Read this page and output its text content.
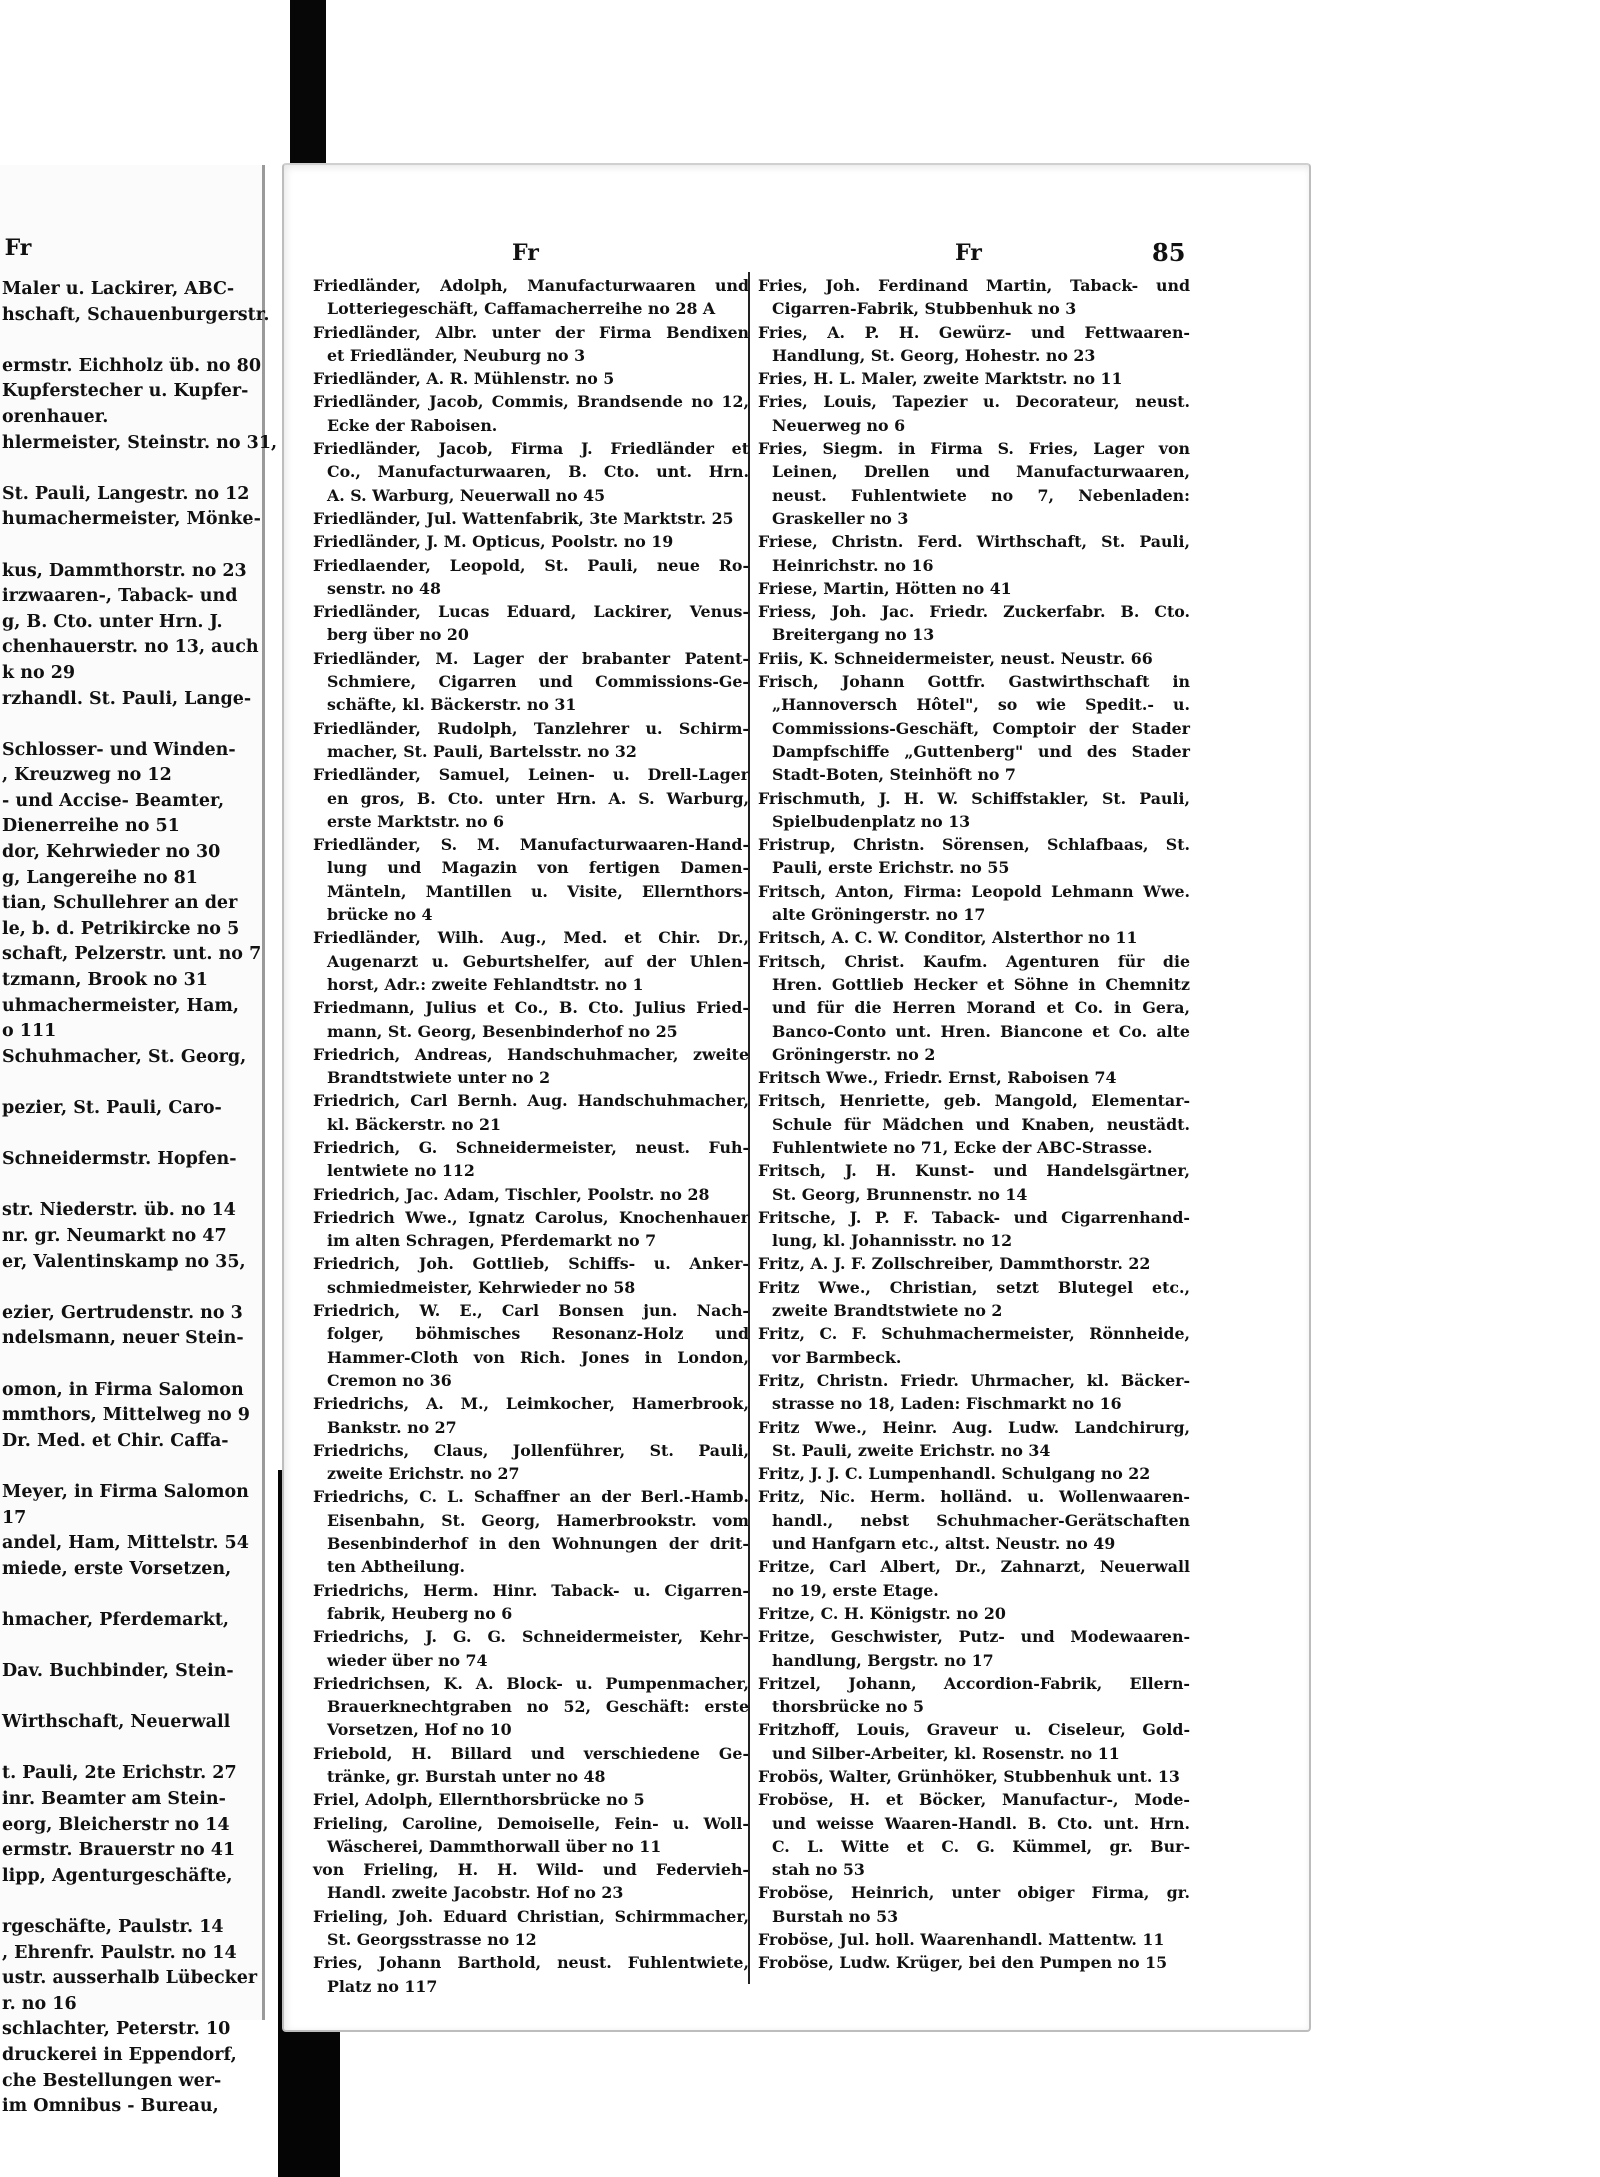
Fr
Maler u. Lackirer, ABC-
hschaft, Schauenburgerstr.
ermstr. Eichholz üb. no 80
Kupferstecher u. Kupfer-
orenhauer.
hlermeister, Steinstr. no 31,
St. Pauli, Langestr. no 12
humachermeister, Mönke-
kus, Dammthorstr. no 23
irzwaaren-, Taback- und
g, B. Cto. unter Hrn. J.
chenhauerstr. no 13, auch
k no 29
rzhandl. St. Pauli, Lange-
Schlosser- und Winden-
, Kreuzweg no 12
- und Accise- Beamter,
Dienerreihe no 51
dor, Kehrwieder no 30
g, Langereihe no 81
tian, Schullehrer an der
le, b. d. Petrikircke no 5
schaft, Pelzerstr. unt. no 7
tzmann, Brook no 31
uhmachermeister, Ham,
o 111
Schuhmacher, St. Georg,
pezier, St. Pauli, Caro-
Schneidermstr. Hopfen-
str. Niederstr. üb. no 14
nr. gr. Neumarkt no 47
er, Valentinskamp no 35,
ezier, Gertrudenstr. no 3
ndelsmann, neuer Stein-
omon, in Firma Salomon
mmthors, Mittelweg no 9
Dr. Med. et Chir. Caffa-
Meyer, in Firma Salomon
17
andel, Ham, Mittelstr. 54
miede, erste Vorsetzen,
hmacher, Pferdemarkt,
Dav. Buchbinder, Stein-
Wirthschaft, Neuerwall
t. Pauli, 2te Erichstr. 27
inr. Beamter am Stein-
eorg, Bleicherstr no 14
ermstr. Brauerstr no 41
lipp, Agenturgeschäfte,
rgeschäfte, Paulstr. 14
, Ehrenfr. Paulstr. no 14
ustr. ausserhalb Lübecker
r. no 16
schlachter, Peterstr. 10
druckerei in Eppendorf,
che Bestellungen wer-
im Omnibus - Bureau,
Fr	Fr	85
Friedländer, Adolph, Manufacturwaaren und
Lotteriegeschäft, Caffamacherreihe no 28 A
Friedländer, Albr. unter der Firma Bendixen
et Friedländer, Neuburg no 3
Friedländer, A. R. Mühlenstr. no 5
Friedländer, Jacob, Commis, Brandsende no 12,
Ecke der Raboisen.
Friedländer, Jacob, Firma J. Friedländer et
Co., Manufacturwaaren, B. Cto. unt. Hrn.
A. S. Warburg, Neuerwall no 45
Friedländer, Jul. Wattenfabrik, 3te Marktstr. 25
Friedländer, J. M. Opticus, Poolstr. no 19
Friedlaender, Leopold, St. Pauli, neue Ro-
senstr. no 48
Friedländer, Lucas Eduard, Lackirer, Venus-
berg über no 20
Friedländer, M. Lager der brabanter Patent-
Schmiere, Cigarren und Commissions-Ge-
schäfte, kl. Bäckerstr. no 31
Friedländer, Rudolph, Tanzlehrer u. Schirm-
macher, St. Pauli, Bartelsstr. no 32
Friedländer, Samuel, Leinen- u. Drell-Lager
en gros, B. Cto. unter Hrn. A. S. Warburg,
erste Marktstr. no 6
Friedländer, S. M. Manufacturwaaren-Hand-
lung und Magazin von fertigen Damen-
Mänteln, Mantillen u. Visite, Ellernthors-
brücke no 4
Friedländer, Wilh. Aug., Med. et Chir. Dr.,
Augenarzt u. Geburtshelfer, auf der Uhlen-
horst, Adr.: zweite Fehlandtstr. no 1
Friedmann, Julius et Co., B. Cto. Julius Fried-
mann, St. Georg, Besenbinderhof no 25
Friedrich, Andreas, Handschuhmacher, zweite
Brandtstwiete unter no 2
Friedrich, Carl Bernh. Aug. Handschuhmacher,
kl. Bäckerstr. no 21
Friedrich, G. Schneidermeister, neust. Fuh-
lentwiete no 112
Friedrich, Jac. Adam, Tischler, Poolstr. no 28
Friedrich Wwe., Ignatz Carolus, Knochenhauer
im alten Schragen, Pferdemarkt no 7
Friedrich, Joh. Gottlieb, Schiffs- u. Anker-
schmiedmeister, Kehrwieder no 58
Friedrich, W. E., Carl Bonsen jun. Nach-
folger, böhmisches Resonanz-Holz und
Hammer-Cloth von Rich. Jones in London,
Cremon no 36
Friedrichs, A. M., Leimkocher, Hamerbrook,
Bankstr. no 27
Friedrichs, Claus, Jollenführer, St. Pauli,
zweite Erichstr. no 27
Friedrichs, C. L. Schaffner an der Berl.-Hamb.
Eisenbahn, St. Georg, Hamerbrookstr. vom
Besenbinderhof in den Wohnungen der drit-
ten Abtheilung.
Friedrichs, Herm. Hinr. Taback- u. Cigarren-
fabrik, Heuberg no 6
Friedrichs, J. G. G. Schneidermeister, Kehr-
wieder über no 74
Friedrichsen, K. A. Block- u. Pumpenmacher,
Brauerknechtgraben no 52, Geschäft: erste
Vorsetzen, Hof no 10
Friebold, H. Billard und verschiedene Ge-
tränke, gr. Burstah unter no 48
Friel, Adolph, Ellernthorsbrücke no 5
Frieling, Caroline, Demoiselle, Fein- u. Woll-
Wäscherei, Dammthorwall über no 11
von Frieling, H. H. Wild- und Federvieh-
Handl. zweite Jacobstr. Hof no 23
Frieling, Joh. Eduard Christian, Schirmmacher,
St. Georgsstrasse no 12
Fries, Johann Barthold, neust. Fuhlentwiete,
Platz no 117
Fries, Joh. Ferdinand Martin, Taback- und
Cigarren-Fabrik, Stubbenhuk no 3
Fries, A. P. H. Gewürz- und Fettwaaren-
Handlung, St. Georg, Hohestr. no 23
Fries, H. L. Maler, zweite Marktstr. no 11
Fries, Louis, Tapezier u. Decorateur, neust.
Neuerweg no 6
Fries, Siegm. in Firma S. Fries, Lager von
Leinen, Drellen und Manufacturwaaren,
neust. Fuhlentwiete no 7, Nebenladen:
Graskeller no 3
Friese, Christn. Ferd. Wirthschaft, St. Pauli,
Heinrichstr. no 16
Friese, Martin, Hötten no 41
Friess, Joh. Jac. Friedr. Zuckerfabr. B. Cto.
Breitergang no 13
Friis, K. Schneidermeister, neust. Neustr. 66
Frisch, Johann Gottfr. Gastwirthschaft in
„Hannoversch Hôtel", so wie Spedit.- u.
Commissions-Geschäft, Comptoir der Stader
Dampfschiffe „Guttenberg" und des Stader
Stadt-Boten, Steinhöft no 7
Frischmuth, J. H. W. Schiffstakler, St. Pauli,
Spielbudenplatz no 13
Fristrup, Christn. Sörensen, Schlafbaas, St.
Pauli, erste Erichstr. no 55
Fritsch, Anton, Firma: Leopold Lehmann Wwe.
alte Gröningerstr. no 17
Fritsch, A. C. W. Conditor, Alsterthor no 11
Fritsch, Christ. Kaufm. Agenturen für die
Hren. Gottlieb Hecker et Söhne in Chemnitz
und für die Herren Morand et Co. in Gera,
Banco-Conto unt. Hren. Biancone et Co. alte
Gröningerstr. no 2
Fritsch Wwe., Friedr. Ernst, Raboisen 74
Fritsch, Henriette, geb. Mangold, Elementar-
Schule für Mädchen und Knaben, neustädt.
Fuhlentwiete no 71, Ecke der ABC-Strasse.
Fritsch, J. H. Kunst- und Handelsgärtner,
St. Georg, Brunnenstr. no 14
Fritsche, J. P. F. Taback- und Cigarrenhand-
lung, kl. Johannisstr. no 12
Fritz, A. J. F. Zollschreiber, Dammthorstr. 22
Fritz Wwe., Christian, setzt Blutegel etc.,
zweite Brandtstwiete no 2
Fritz, C. F. Schuhmachermeister, Rönnheide,
vor Barmbeck.
Fritz, Christn. Friedr. Uhrmacher, kl. Bäcker-
strasse no 18, Laden: Fischmarkt no 16
Fritz Wwe., Heinr. Aug. Ludw. Landchirurg,
St. Pauli, zweite Erichstr. no 34
Fritz, J. J. C. Lumpenhandl. Schulgang no 22
Fritz, Nic. Herm. holländ. u. Wollenwaaren-
handl., nebst Schuhmacher-Gerätschaften
und Hanfgarn etc., altst. Neustr. no 49
Fritze, Carl Albert, Dr., Zahnarzt, Neuerwall
no 19, erste Etage.
Fritze, C. H. Königstr. no 20
Fritze, Geschwister, Putz- und Modewaaren-
handlung, Bergstr. no 17
Fritzel, Johann, Accordion-Fabrik, Ellern-
thorsbrücke no 5
Fritzhoff, Louis, Graveur u. Ciseleur, Gold-
und Silber-Arbeiter, kl. Rosenstr. no 11
Frobös, Walter, Grünhöker, Stubbenhuk unt. 13
Froböse, H. et Böcker, Manufactur-, Mode-
und weisse Waaren-Handl. B. Cto. unt. Hrn.
C. L. Witte et C. G. Kümmel, gr. Bur-
stah no 53
Froböse, Heinrich, unter obiger Firma, gr.
Burstah no 53
Froböse, Jul. holl. Waarenhandl. Mattentw. 11
Froböse, Ludw. Krüger, bei den Pumpen no 15
